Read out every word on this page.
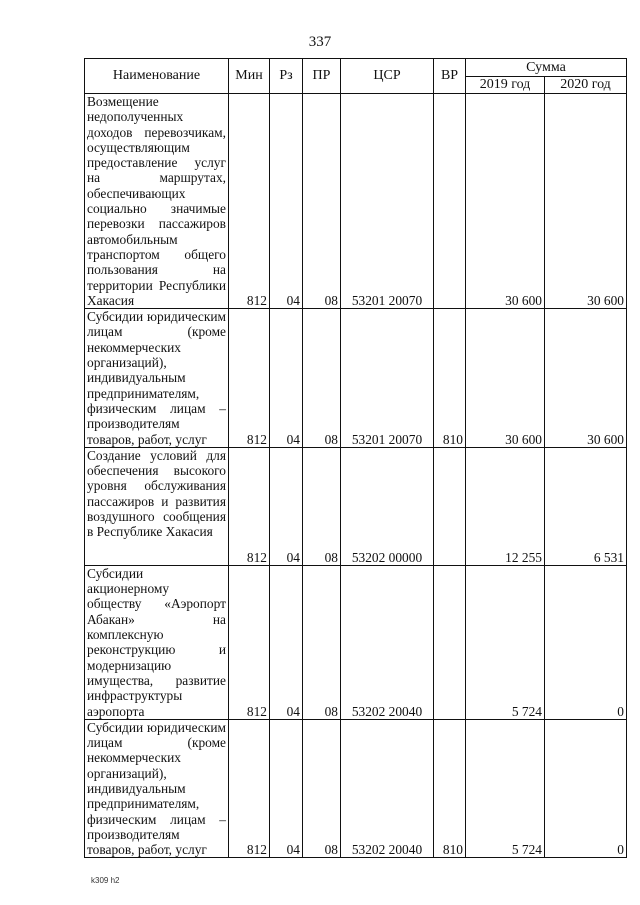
337
Наименование	Мин	Рз	ПР	ЦСР	ВР	Сумма	
						2019 год	2020 год
Возмещение недополученных доходов перевозчикам, осуществляющим предоставление услуг на маршрутах, обеспечивающих социально значимые перевозки пассажиров автомобильным транспортом общего пользования на территории Республики Хакасия	812	04	08	53201 20070		30 600	30 600
Субсидии юридическим лицам (кроме некоммерческих организаций), индивидуальным предпринимателям, физическим лицам – производителям товаров, работ, услуг	812	04	08	53201 20070	810	30 600	30 600
Создание условий для обеспечения высокого уровня обслуживания пассажиров и развития воздушного сообщения в Республике Хакасия	812	04	08	53202 00000		12 255	6 531
Субсидии акционерному обществу «Аэропорт Абакан» на комплексную реконструкцию и модернизацию имущества, развитие инфраструктуры аэропорта	812	04	08	53202 20040		5 724	0
Субсидии юридическим лицам (кроме некоммерческих организаций), индивидуальным предпринимателям, физическим лицам – производителям товаров, работ, услуг	812	04	08	53202 20040	810	5 724	0
k309 h2
